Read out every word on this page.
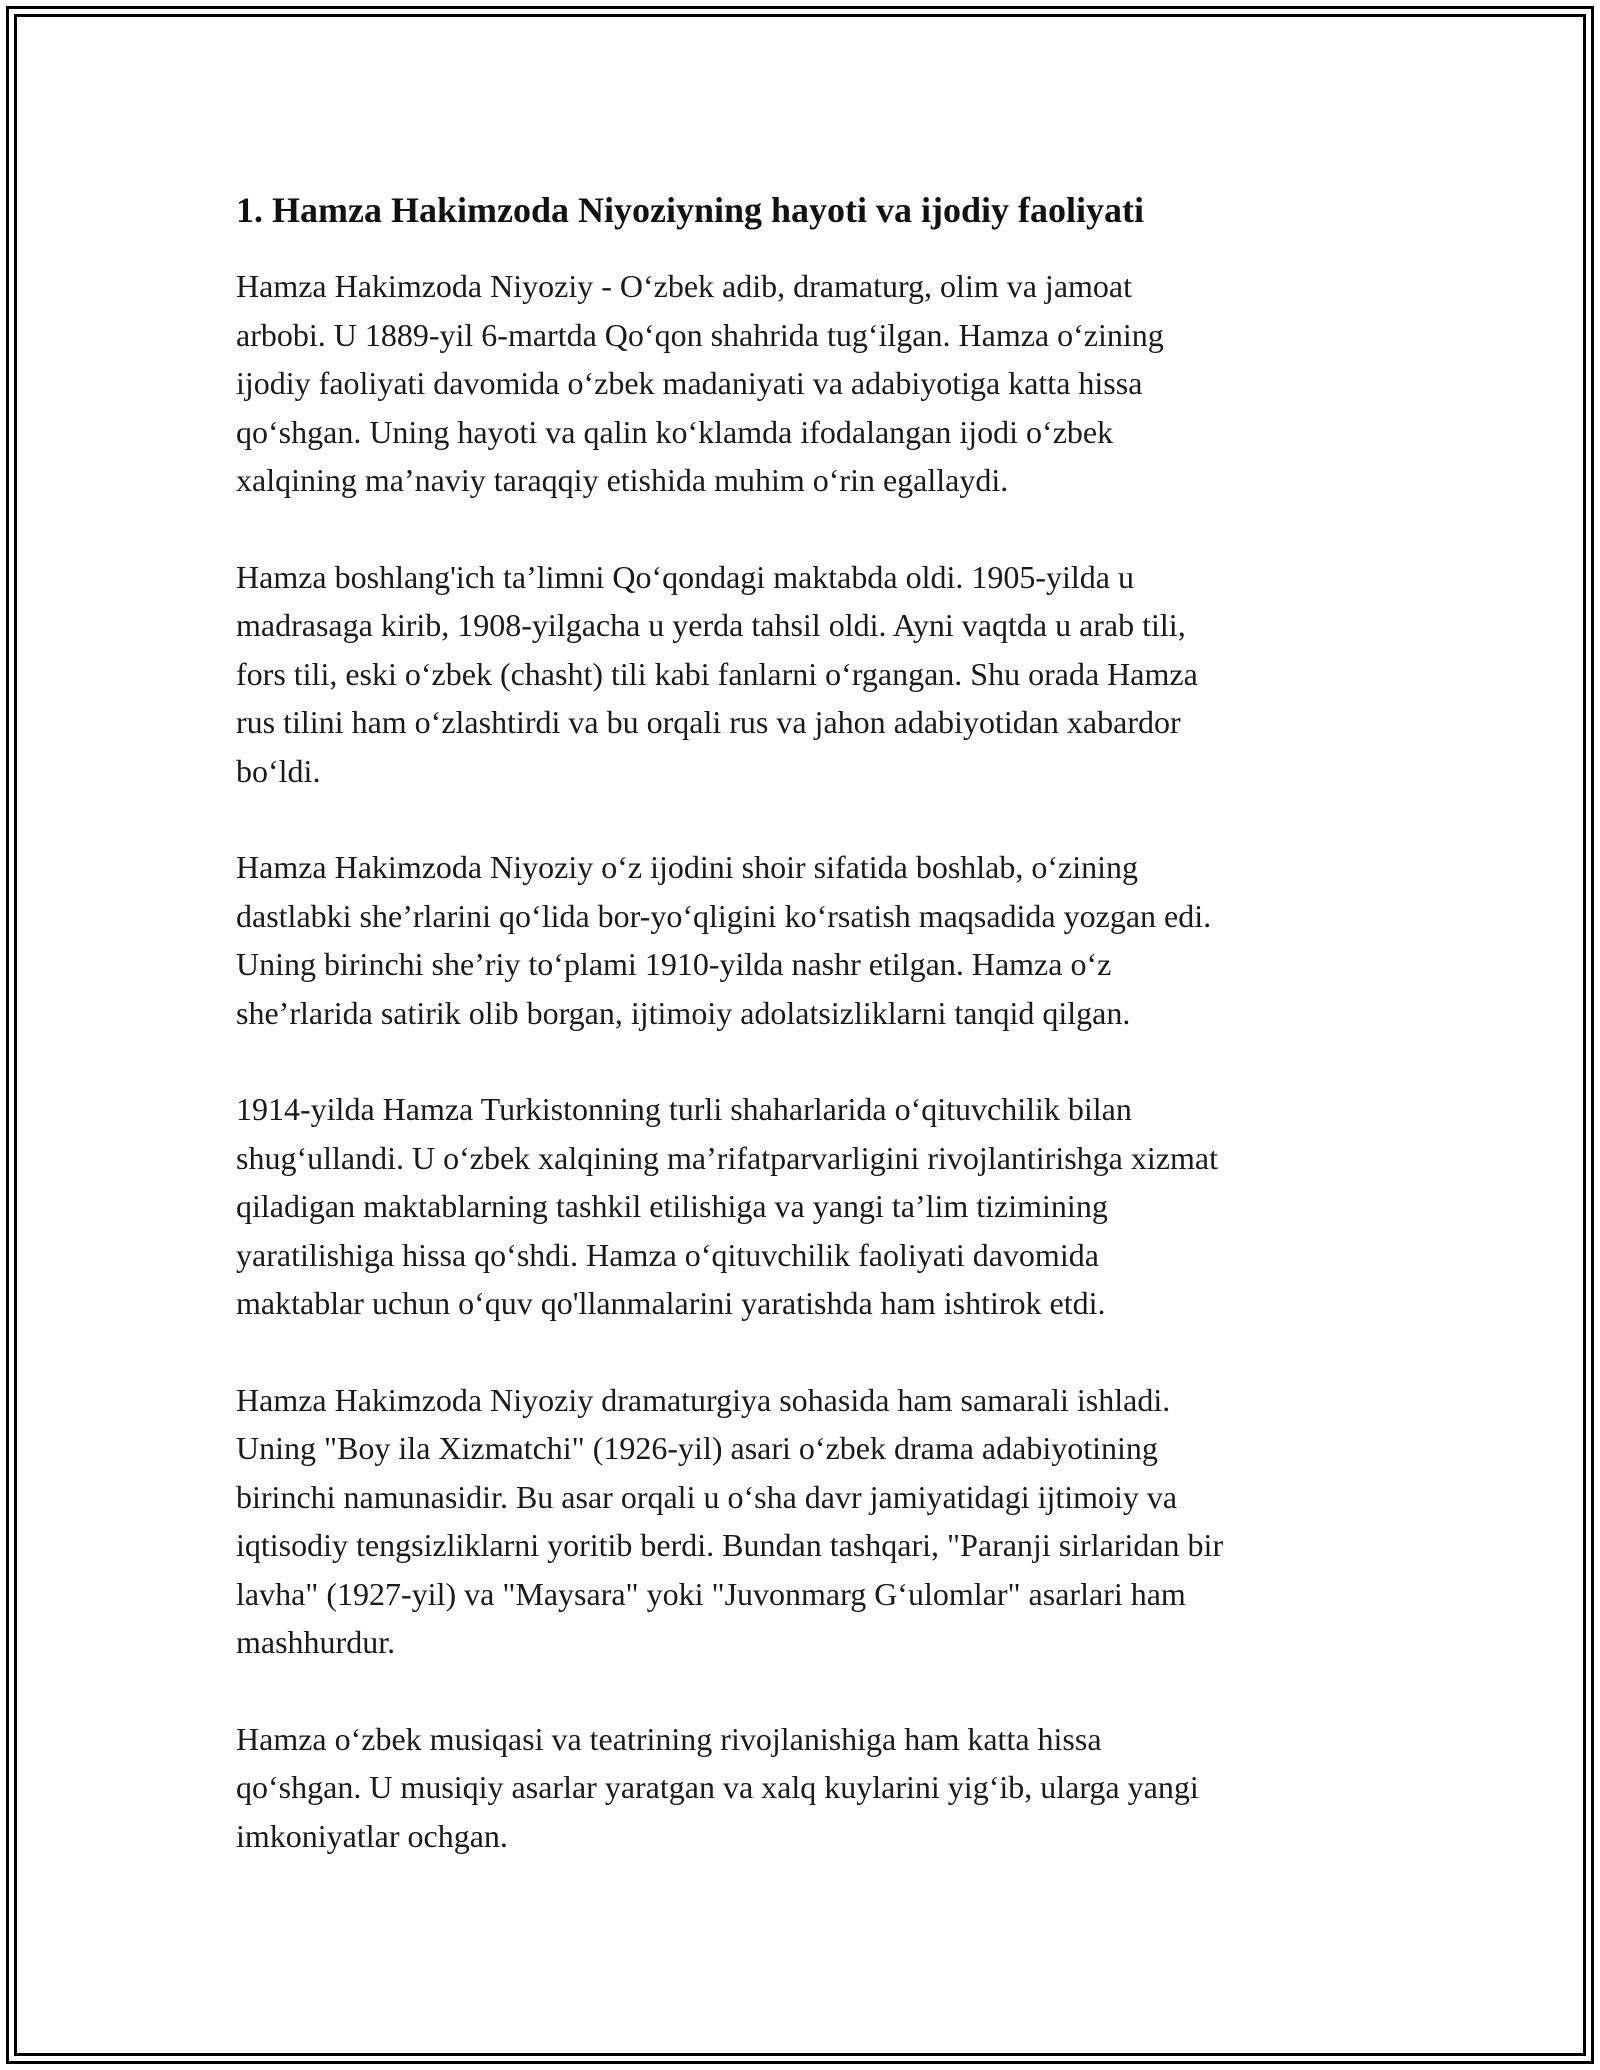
1. Hamza Hakimzoda Niyoziyning hayoti va ijodiy faoliyati

Hamza Hakimzoda Niyoziy - O‘zbek adib, dramaturg, olim va jamoat
arbobi. U 1889-yil 6-martda Qo‘qon shahrida tug‘ilgan. Hamza o‘zining
ijodiy faoliyati davomida o‘zbek madaniyati va adabiyotiga katta hissa
qo‘shgan. Uning hayoti va qalin ko‘klamda ifodalangan ijodi o‘zbek
xalqining ma’naviy taraqqiy etishida muhim o‘rin egallaydi.

Hamza boshlang'ich ta’limni Qo‘qondagi maktabda oldi. 1905-yilda u
madrasaga kirib, 1908-yilgacha u yerda tahsil oldi. Ayni vaqtda u arab tili,
fors tili, eski o‘zbek (chasht) tili kabi fanlarni o‘rgangan. Shu orada Hamza
rus tilini ham o‘zlashtirdi va bu orqali rus va jahon adabiyotidan xabardor
bo‘ldi.

Hamza Hakimzoda Niyoziy o‘z ijodini shoir sifatida boshlab, o‘zining
dastlabki she’rlarini qo‘lida bor-yo‘qligini ko‘rsatish maqsadida yozgan edi.
Uning birinchi she’riy to‘plami 1910-yilda nashr etilgan. Hamza o‘z
she’rlarida satirik olib borgan, ijtimoiy adolatsizliklarni tanqid qilgan.

1914-yilda Hamza Turkistonning turli shaharlarida o‘qituvchilik bilan
shug‘ullandi. U o‘zbek xalqining ma’rifatparvarligini rivojlantirishga xizmat
qiladigan maktablarning tashkil etilishiga va yangi ta’lim tizimining
yaratilishiga hissa qo‘shdi. Hamza o‘qituvchilik faoliyati davomida
maktablar uchun o‘quv qo'llanmalarini yaratishda ham ishtirok etdi.

Hamza Hakimzoda Niyoziy dramaturgiya sohasida ham samarali ishladi.
Uning "Boy ila Xizmatchi" (1926-yil) asari o‘zbek drama adabiyotining
birinchi namunasidir. Bu asar orqali u o‘sha davr jamiyatidagi ijtimoiy va
iqtisodiy tengsizliklarni yoritib berdi. Bundan tashqari, "Paranji sirlaridan bir
lavha" (1927-yil) va "Maysara" yoki "Juvonmarg G‘ulomlar" asarlari ham
mashhurdur.

Hamza o‘zbek musiqasi va teatrining rivojlanishiga ham katta hissa
qo‘shgan. U musiqiy asarlar yaratgan va xalq kuylarini yig‘ib, ularga yangi
imkoniyatlar ochgan.
